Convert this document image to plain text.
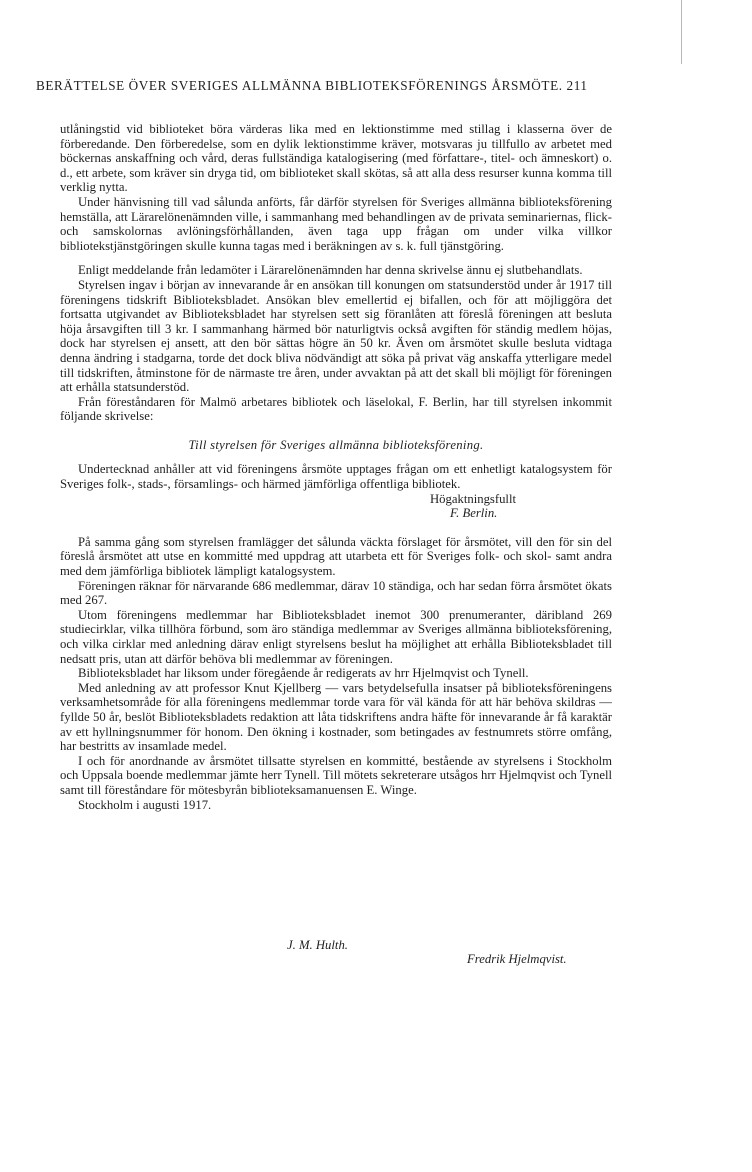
BERÄTTELSE ÖVER SVERIGES ALLMÄNNA BIBLIOTEKSFÖRENINGS ÅRSMÖTE. 211

utlåningstid vid biblioteket böra värderas lika med en lektionstimme med stillag i klasserna över de förberedande. Den förberedelse, som en dylik lektionstimme kräver, motsvaras ju tillfullo av arbetet med böckernas anskaffning och vård, deras fullständiga katalogisering (med författare-, titel- och ämneskort) o. d., ett arbete, som kräver sin dryga tid, om biblioteket skall skötas, så att alla dess resurser kunna komma till verklig nytta.

Under hänvisning till vad sålunda anförts, får därför styrelsen för Sveriges allmänna biblioteksförening hemställa, att Lärarelönenämnden ville, i sammanhang med behandlingen av de privata seminariernas, flick- och samskolornas avlöningsförhållanden, även taga upp frågan om under vilka villkor bibliotekstjänstgöringen skulle kunna tagas med i beräkningen av s. k. full tjänstgöring.

Enligt meddelande från ledamöter i Lärarelönenämnden har denna skrivelse ännu ej slutbehandlats.

Styrelsen ingav i början av innevarande år en ansökan till konungen om statsunderstöd under år 1917 till föreningens tidskrift Biblioteksbladet. Ansökan blev emellertid ej bifallen, och för att möjliggöra det fortsatta utgivandet av Biblioteksbladet har styrelsen sett sig föranlåten att föreslå föreningen att besluta höja årsavgiften till 3 kr. I sammanhang härmed bör naturligtvis också avgiften för ständig medlem höjas, dock har styrelsen ej ansett, att den bör sättas högre än 50 kr. Även om årsmötet skulle besluta vidtaga denna ändring i stadgarna, torde det dock bliva nödvändigt att söka på privat väg anskaffa ytterligare medel till tidskriften, åtminstone för de närmaste tre åren, under avvaktan på att det skall bli möjligt för föreningen att erhålla statsunderstöd.

Från föreståndaren för Malmö arbetares bibliotek och läselokal, F. Berlin, har till styrelsen inkommit följande skrivelse:

Till styrelsen för Sveriges allmänna biblioteksförening.

Undertecknad anhåller att vid föreningens årsmöte upptages frågan om ett enhetligt katalogsystem för Sveriges folk-, stads-, församlings- och härmed jämförliga offentliga bibliotek.

Högaktningsfullt

F. Berlin.

På samma gång som styrelsen framlägger det sålunda väckta förslaget för årsmötet, vill den för sin del föreslå årsmötet att utse en kommitté med uppdrag att utarbeta ett för Sveriges folk- och skol- samt andra med dem jämförliga bibliotek lämpligt katalogsystem.

Föreningen räknar för närvarande 686 medlemmar, därav 10 ständiga, och har sedan förra årsmötet ökats med 267.

Utom föreningens medlemmar har Biblioteksbladet inemot 300 prenumeranter, däribland 269 studiecirklar, vilka tillhöra förbund, som äro ständiga medlemmar av Sveriges allmänna biblioteksförening, och vilka cirklar med anledning därav enligt styrelsens beslut ha möjlighet att erhålla Biblioteksbladet till nedsatt pris, utan att därför behöva bli medlemmar av föreningen.

Biblioteksbladet har liksom under föregående år redigerats av hrr Hjelmqvist och Tynell.

Med anledning av att professor Knut Kjellberg — vars betydelsefulla insatser på biblioteksföreningens verksamhetsområde för alla föreningens medlemmar torde vara för väl kända för att här behöva skildras — fyllde 50 år, beslöt Biblioteksbladets redaktion att låta tidskriftens andra häfte för innevarande år få karaktär av ett hyllningsnummer för honom. Den ökning i kostnader, som betingades av festnumrets större omfång, har bestritts av insamlade medel.

I och för anordnande av årsmötet tillsatte styrelsen en kommitté, bestående av styrelsens i Stockholm och Uppsala boende medlemmar jämte herr Tynell. Till mötets sekreterare utsågos hrr Hjelmqvist och Tynell samt till föreståndare för mötesbyrån biblioteksamanuensen E. Winge.

Stockholm i augusti 1917.

J. M. Hulth.
Fredrik Hjelmqvist.
